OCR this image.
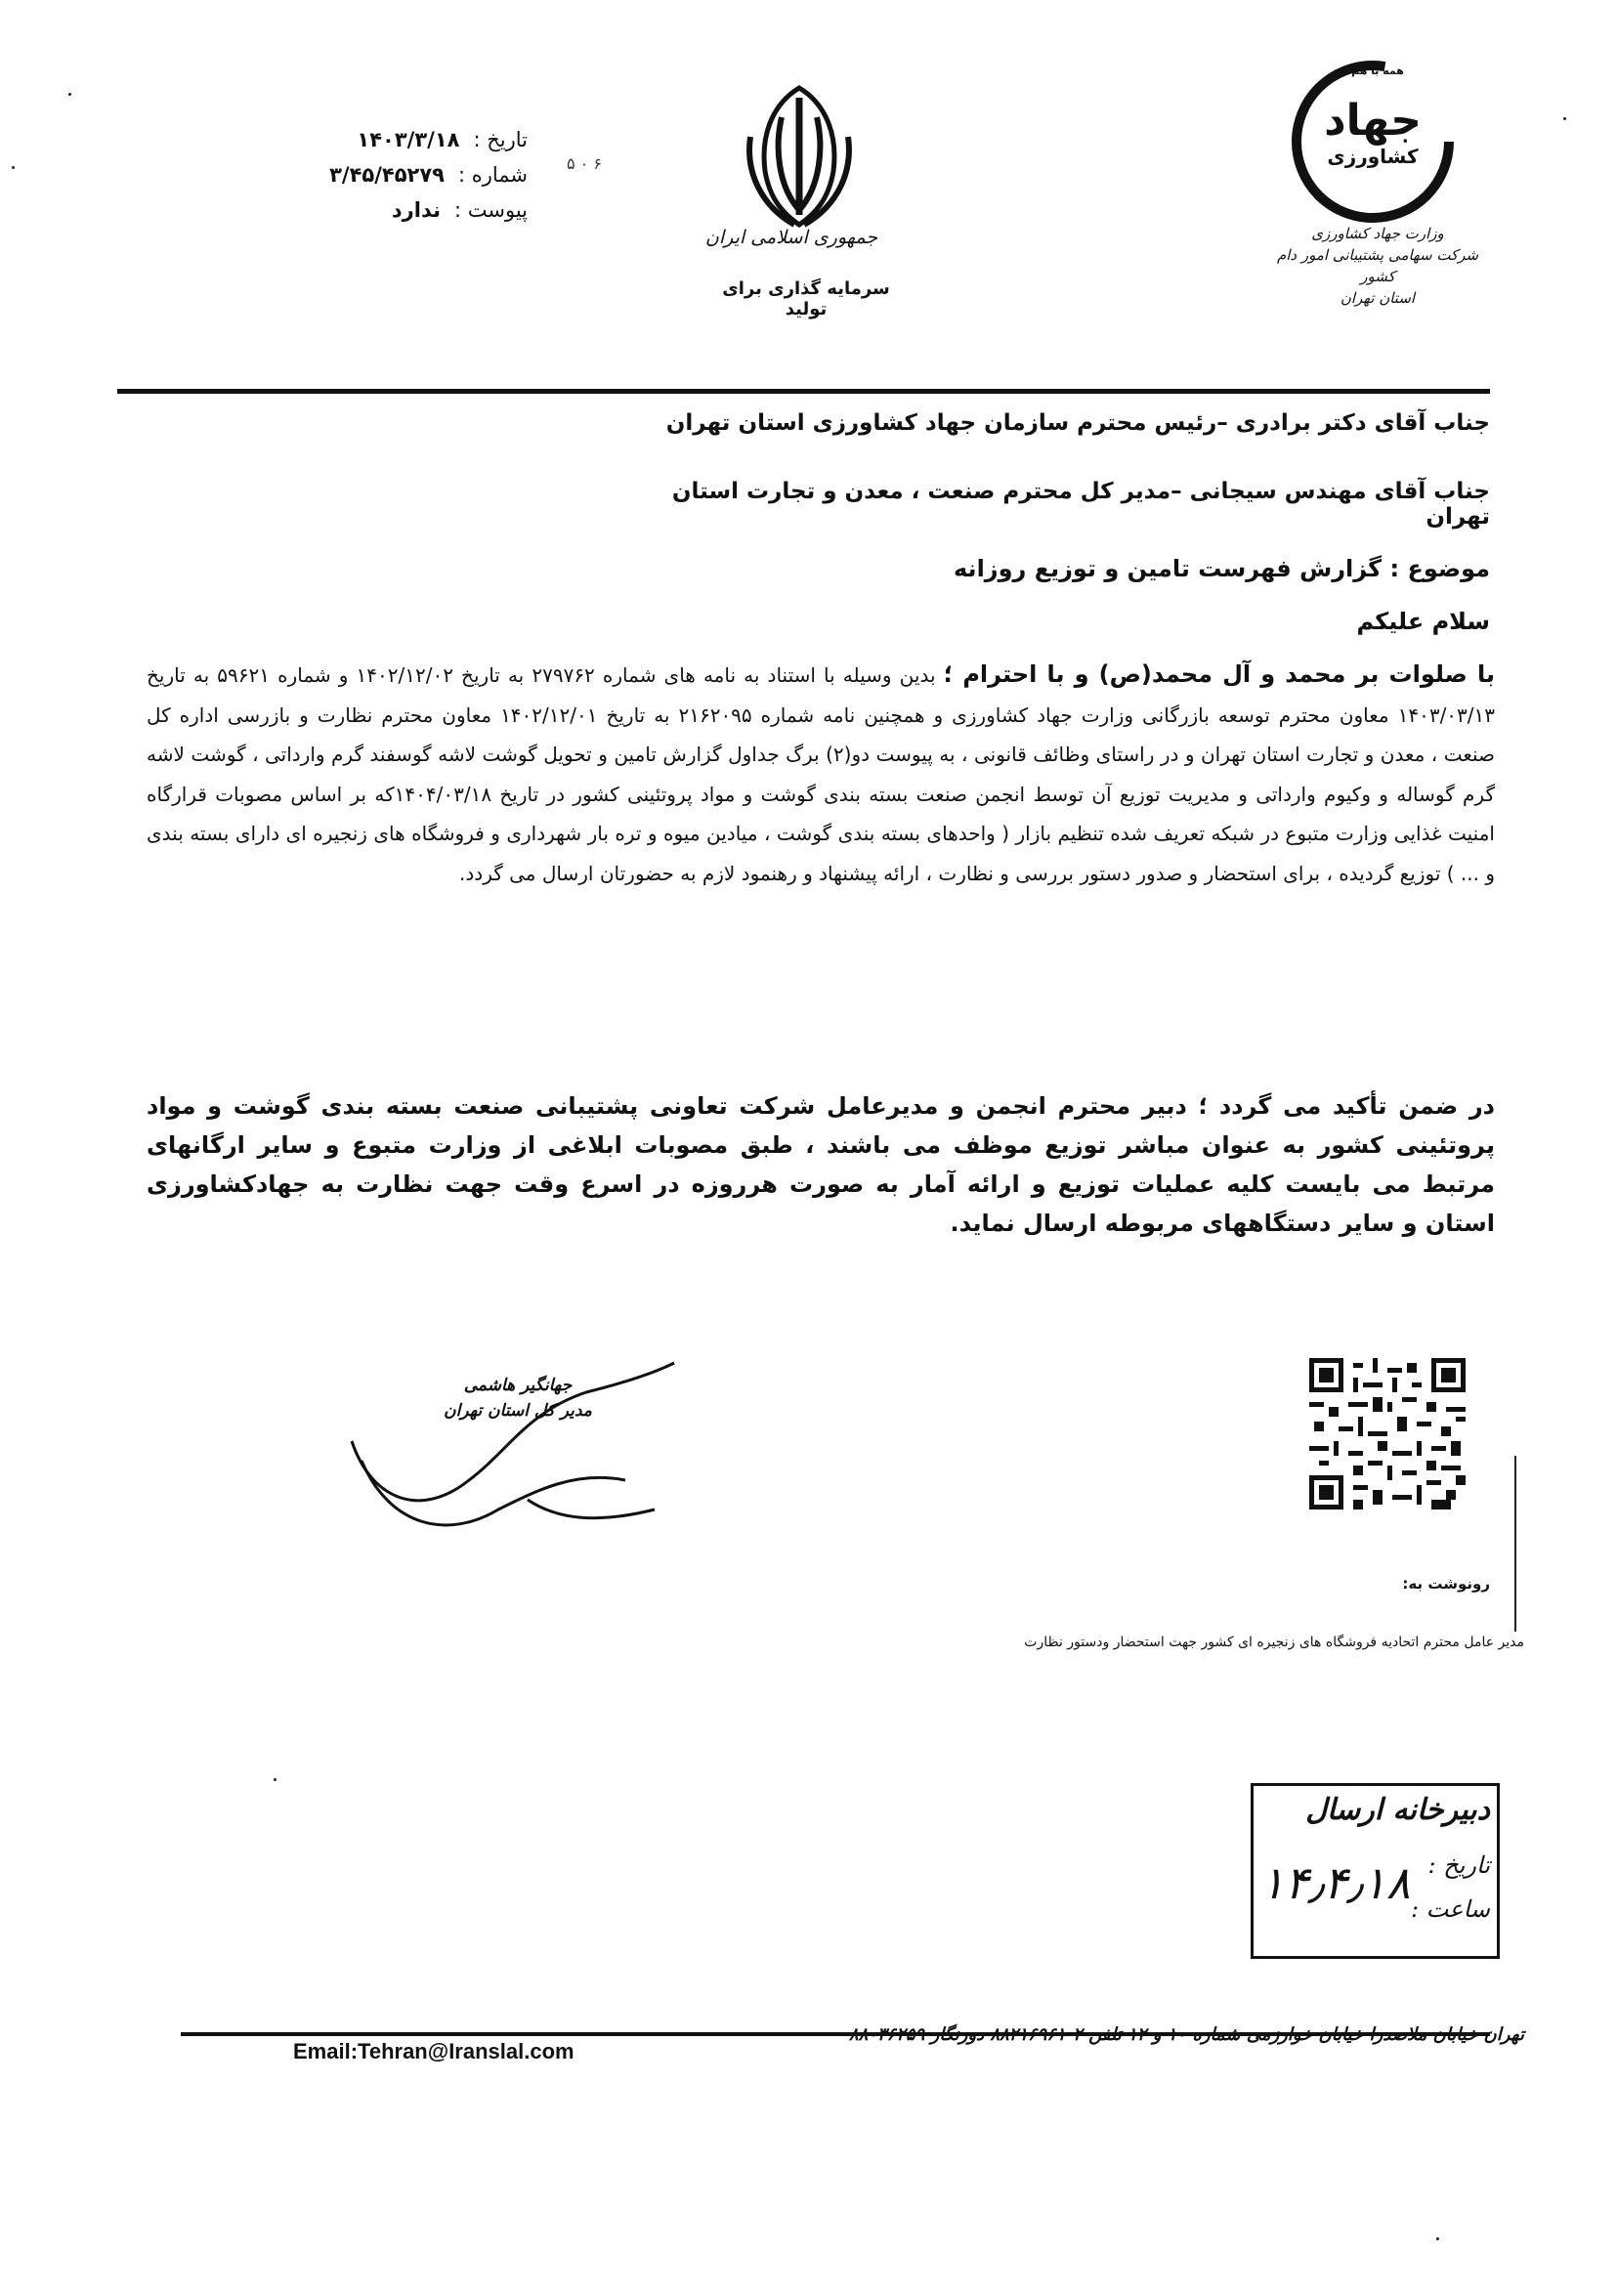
تاریخ :
۱۴۰۳/۳/۱۸
شماره :
۳/۴۵/۴۵۲۷۹
پیوست :
ندارد
۵ ۰ ۶
جمهوری اسلامی ایران
سرمایه گذاری برای تولید
همه با هم
جهاد
کشاورزی
وزارت جهاد کشاورزی
شرکت سهامی پشتیبانی امور دام کشور
استان تهران
جناب آقای دکتر برادری –رئیس محترم سازمان جهاد کشاورزی استان تهران
جناب آقای مهندس سیجانی –مدیر کل محترم صنعت ، معدن و تجارت استان تهران
موضوع : گزارش فهرست تامین و توزیع روزانه
سلام علیکم
با صلوات بر محمد و آل محمد(ص) و با احترام ؛ بدین وسیله با استناد به نامه های شماره ۲۷۹۷۶۲ به تاریخ ۱۴۰۲/۱۲/۰۲ و شماره ۵۹۶۲۱ به تاریخ ۱۴۰۳/۰۳/۱۳ معاون محترم توسعه بازرگانی وزارت جهاد کشاورزی و همچنین نامه شماره ۲۱۶۲۰۹۵ به تاریخ ۱۴۰۲/۱۲/۰۱ معاون محترم نظارت و بازرسی اداره کل صنعت ، معدن و تجارت استان تهران و در راستای وظائف قانونی ، به پیوست دو(۲) برگ جداول گزارش تامین و تحویل گوشت لاشه گوسفند گرم وارداتی ، گوشت لاشه گرم گوساله و وکیوم وارداتی و مدیریت توزیع آن توسط انجمن صنعت بسته بندی گوشت و مواد پروتئینی کشور در تاریخ ۱۴۰۴/۰۳/۱۸که بر اساس مصوبات قرارگاه امنیت غذایی وزارت متبوع در شبکه تعریف شده تنظیم بازار ( واحدهای بسته بندی گوشت ، میادین میوه و تره بار شهرداری و فروشگاه های زنجیره ای دارای بسته بندی و ... ) توزیع گردیده ، برای استحضار و صدور دستور بررسی و نظارت ، ارائه پیشنهاد و رهنمود لازم به حضورتان ارسال می گردد.
در ضمن تأکید می گردد ؛ دبیر محترم انجمن و مدیرعامل شرکت تعاونی پشتیبانی صنعت بسته بندی گوشت و مواد پروتئینی کشور به عنوان مباشر توزیع موظف می باشند ، طبق مصوبات ابلاغی از وزارت متبوع و سایر ارگانهای مرتبط می بایست کلیه عملیات توزیع و ارائه آمار به صورت هرروزه در اسرع وقت جهت نظارت به جهادکشاورزی استان و سایر دستگاههای مربوطه ارسال نماید.
جهانگیر هاشمی
مدیر کل استان تهران
رونوشت به:
مدیر عامل محترم اتحادیه فروشگاه های زنجیره ای کشور جهت استحضار ودستور نظارت
دبیرخانه ارسال
تاریخ :
ساعت :
۱۴٫۴٫۱۸
تهران خیابان ملاصدرا خیابان خوارزمی شماره ۱۰ و ۱۲ تلفن ۲-۸۸۲۱۶۹۶۱ دورنگار ۸۸۰۳۶۲۵۹
Email:Tehran@Iranslal.com
